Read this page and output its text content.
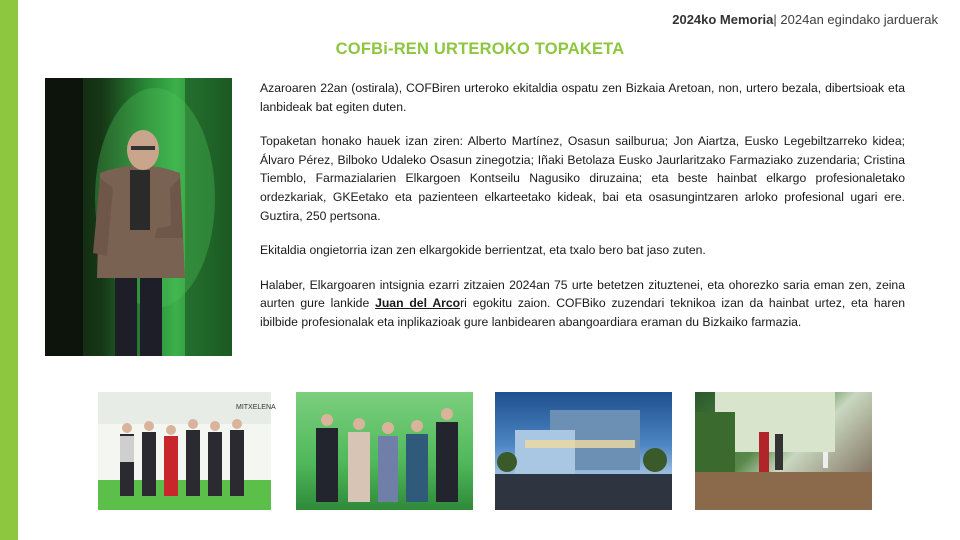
2024ko Memoria| 2024an egindako jarduerak
COFBi-REN URTEROKO TOPAKETA

Azaroaren 22an (ostirala), COFBiren urteroko ekitaldia ospatu zen Bizkaia Aretoan, non, urtero bezala, dibertsioak eta lanbideak bat egiten duten.

Topaketan honako hauek izan ziren: Alberto Martínez, Osasun sailburua; Jon Aiartza, Eusko Legebiltzarreko kidea; Álvaro Pérez, Bilboko Udaleko Osasun zinegotzia; Iñaki Betolaza Eusko Jaurlaritzako Farmaziako zuzendaria; Cristina Tiemblo, Farmazialarien Elkargoen Kontseilu Nagusiko diruzaina; eta beste hainbat elkargo profesionaletako ordezkariak, GKEetako eta pazienteen elkarteetako kideak, bai eta osasungintzaren arloko profesional ugari ere. Guztira, 250 pertsona.

Ekitaldia ongietorria izan zen elkargokide berrientzat, eta txalo bero bat jaso zuten.

Halaber, Elkargoaren intsignia ezarri zitzaien 2024an 75 urte betetzen zituztenei, eta ohorezko saria eman zen, zeina aurten gure lankide Juan del Arcori egokitu zaion. COFBiko zuzendari teknikoa izan da hainbat urtez, eta haren ibilbide profesionalak eta inplikazioak gure lanbidearen abangoardiara eraman du Bizkaiko farmazia.

MITXELENA
